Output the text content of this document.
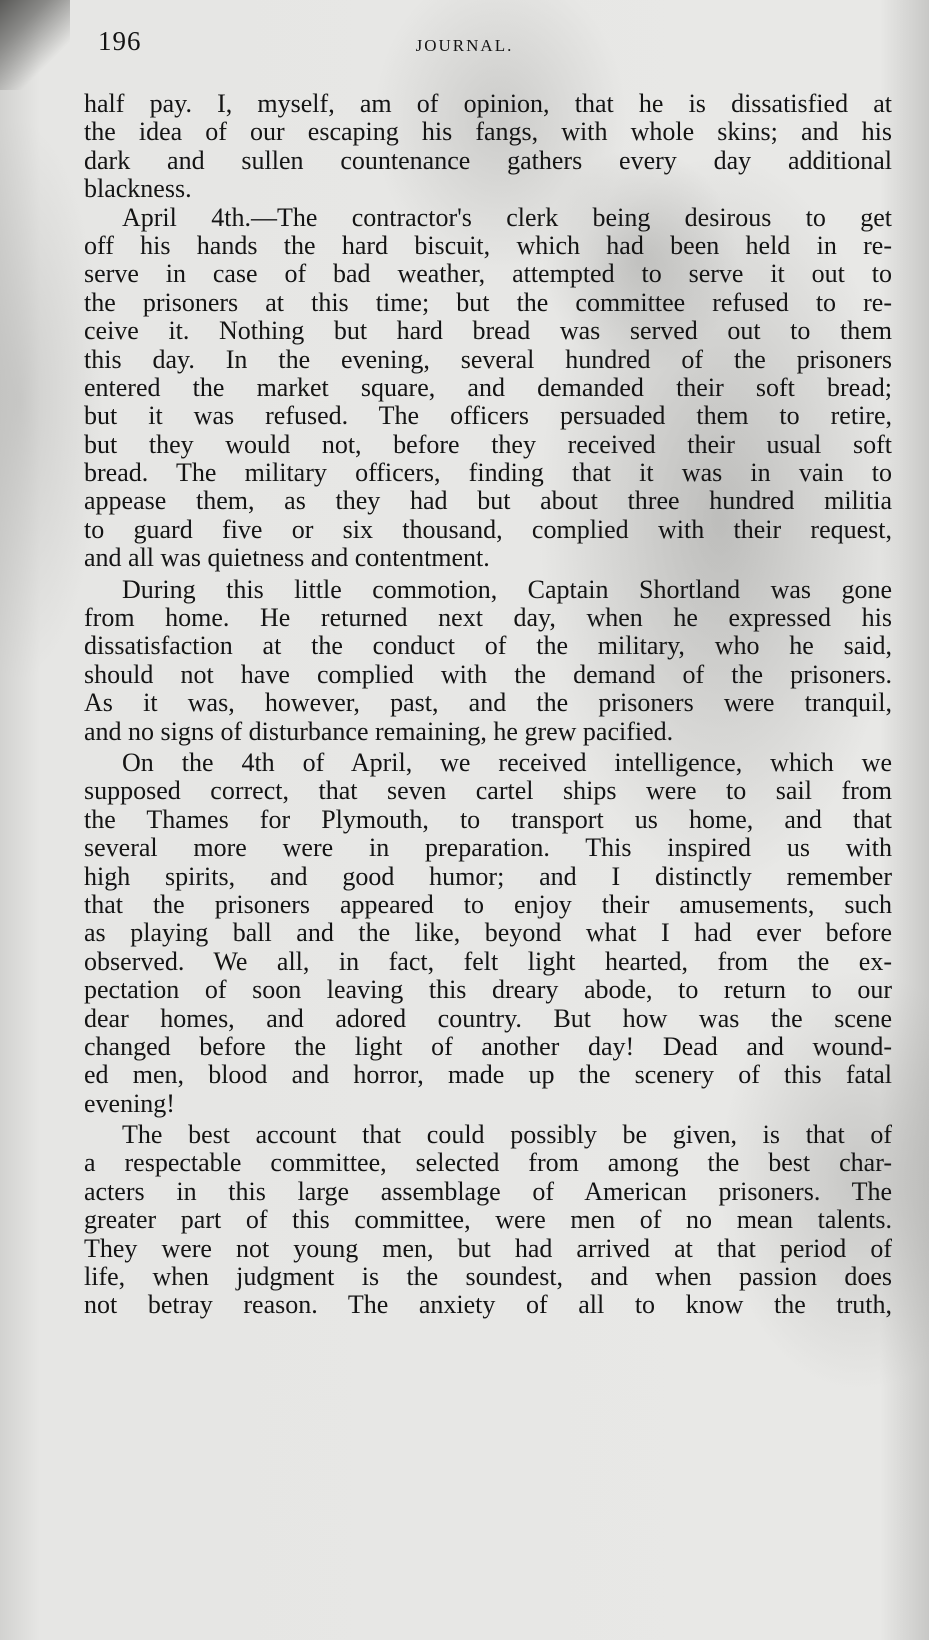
196	JOURNAL.
half pay. I, myself, am of opinion, that he is dissatisfied at
the idea of our escaping his fangs, with whole skins; and his
dark and sullen countenance gathers every day additional
blackness.
April 4th.—The contractor's clerk being desirous to get
off his hands the hard biscuit, which had been held in re-
serve in case of bad weather, attempted to serve it out to
the prisoners at this time; but the committee refused to re-
ceive it. Nothing but hard bread was served out to them
this day. In the evening, several hundred of the prisoners
entered the market square, and demanded their soft bread;
but it was refused. The officers persuaded them to retire,
but they would not, before they received their usual soft
bread. The military officers, finding that it was in vain to
appease them, as they had but about three hundred militia
to guard five or six thousand, complied with their request,
and all was quietness and contentment.
During this little commotion, Captain Shortland was gone
from home. He returned next day, when he expressed his
dissatisfaction at the conduct of the military, who he said,
should not have complied with the demand of the prisoners.
As it was, however, past, and the prisoners were tranquil,
and no signs of disturbance remaining, he grew pacified.
On the 4th of April, we received intelligence, which we
supposed correct, that seven cartel ships were to sail from
the Thames for Plymouth, to transport us home, and that
several more were in preparation. This inspired us with
high spirits, and good humor; and I distinctly remember
that the prisoners appeared to enjoy their amusements, such
as playing ball and the like, beyond what I had ever before
observed. We all, in fact, felt light hearted, from the ex-
pectation of soon leaving this dreary abode, to return to our
dear homes, and adored country. But how was the scene
changed before the light of another day! Dead and wound-
ed men, blood and horror, made up the scenery of this fatal
evening!
The best account that could possibly be given, is that of
a respectable committee, selected from among the best char-
acters in this large assemblage of American prisoners. The
greater part of this committee, were men of no mean talents.
They were not young men, but had arrived at that period of
life, when judgment is the soundest, and when passion does
not betray reason. The anxiety of all to know the truth,
